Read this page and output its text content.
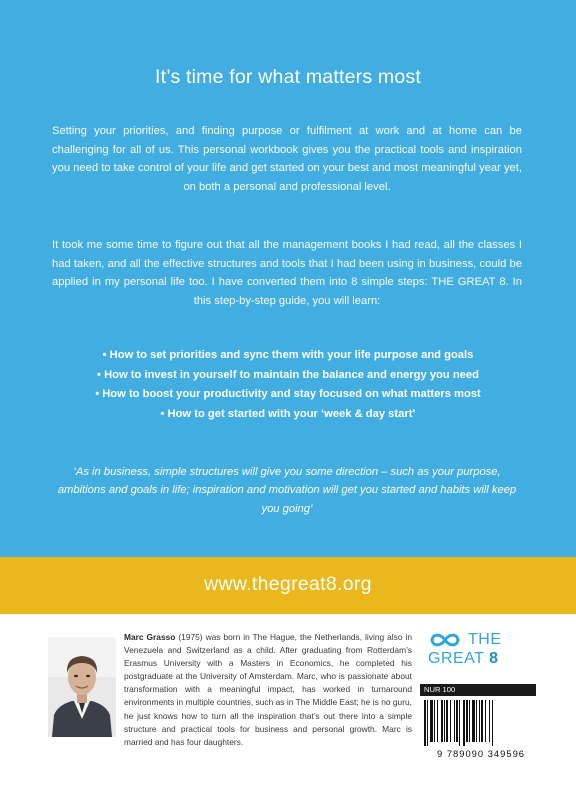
It’s time for what matters most
Setting your priorities, and finding purpose or fulfilment at work and at home can be challenging for all of us. This personal workbook gives you the practical tools and inspiration you need to take control of your life and get started on your best and most meaningful year yet, on both a personal and professional level.
It took me some time to figure out that all the management books I had read, all the classes I had taken, and all the effective structures and tools that I had been using in business, could be applied in my personal life too. I have converted them into 8 simple steps: THE GREAT 8. In this step-by-step guide, you will learn:
• How to set priorities and sync them with your life purpose and goals
• How to invest in yourself to maintain the balance and energy you need
• How to boost your productivity and stay focused on what matters most
• How to get started with your ‘week & day start’
‘As in business, simple structures will give you some direction – such as your purpose, ambitions and goals in life; inspiration and motivation will get you started and habits will keep you going’
www.thegreat8.org
Marc Grasso
(1975) was born in The Hague, the Netherlands, living also in Venezuela and Switzerland as a child. After graduating from Rotterdam’s Erasmus University with a Masters in Economics, he completed his postgraduate at the University of Amsterdam. Marc, who is passionate about transformation with a meaningful impact, has worked in turnaround environments in multiple countries, such as in The Middle East; he is no guru, he just knows how to turn all the inspiration that’s out there into a simple structure and practical tools for business and personal growth. Marc is married and has four daughters.
THE
GREAT 8
NUR 100
9 789090 349596
